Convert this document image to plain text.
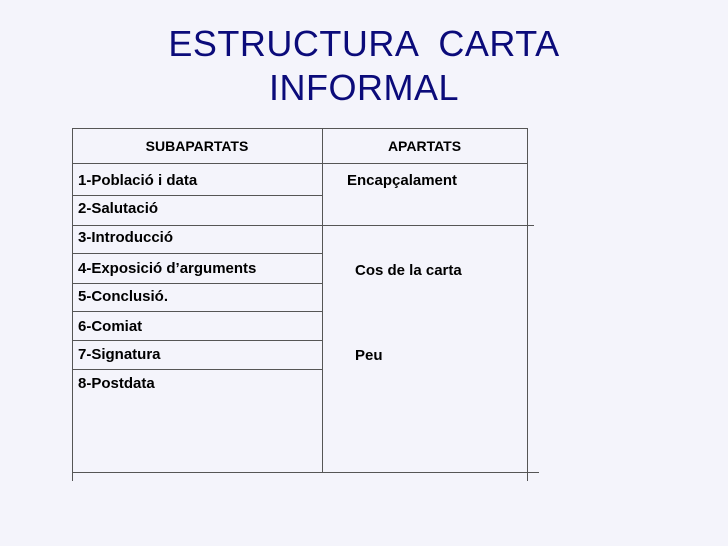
ESTRUCTURA  CARTA
INFORMAL
SUBAPARTATS	APARTATS
1-Població i data
2-Salutació
3-Introducció
4-Exposició d’arguments
5-Conclusió.
6-Comiat
7-Signatura
8-Postdata
Encapçalament
Cos de la carta
Peu
